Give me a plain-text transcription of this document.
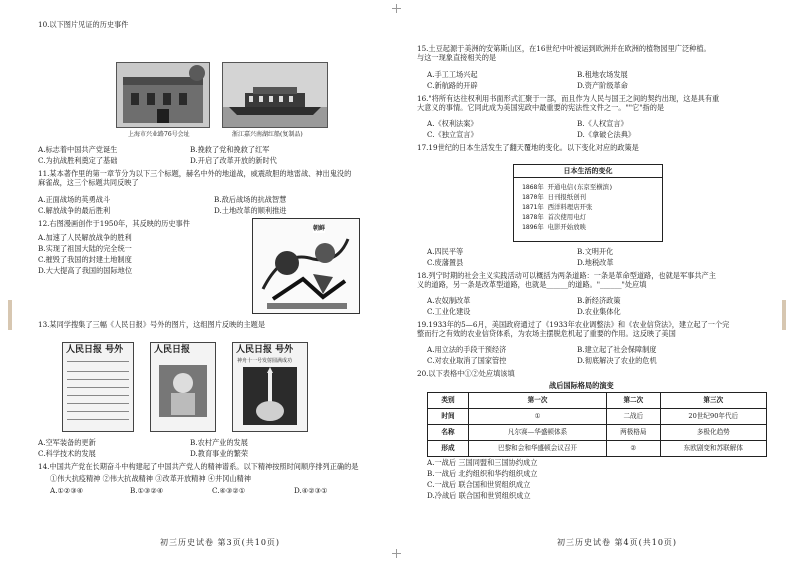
10.以下图片见证的历史事件
上海市兴业路76号会址	浙江嘉兴南湖红船(复制品)
A.标志着中国共产党诞生	B.挽救了党和挽救了红军
C.为抗战胜利奠定了基础	D.开启了改革开放的新时代
11.某本著作里的第一章节分为以下三个标题，赫名中外的地道战，威震敌胆的地雷战、神出鬼没的
麻雀战，这三个标题共同反映了
A.正面战场的英勇战斗	B.敌后战场的抗战智慧
C.解放战争的最后胜利	D.土地改革的顺利推进
12.右图漫画创作于1950年，其反映的历史事件
A.加速了人民解放战争的胜利
B.实现了祖国大陆的完全统一
C.摧毁了我国的封建土地制度
D.大大提高了我国的国际地位
朝鲜
13.某同学搜集了三幅《人民日报》号外的图片，这组图片反映的主题是
人民日报 号外	人民日报	人民日报 号外
神舟十一号发射圆满成功
A.空军装备的更新	B.农村产业的发展
C.科学技术的发展	D.教育事业的繁荣
14.中国共产党在长期奋斗中构建起了中国共产党人的精神谱系。以下精神按照时间顺序排列正确的是
①伟大抗疫精神 ②伟大抗战精神 ③改革开放精神 ④井冈山精神
A.①②③④	B.①③②④	C.④③②①	D.④②③①
初三历史试卷 第3页(共10页)
15.土豆起源于美洲的安第斯山区，在16世纪中叶被运到欧洲并在欧洲的植物园里广泛种植。
与这一现象直接相关的是
A.手工工场兴起	B.租地农场发展
C.新航路的开辟	D.资产阶级革命
16."将所有达往权利用书面形式汇聚于一部，而且作为人民与国王之间的契约出现，这是具有重
大意义的事情。它同此成为美国宪政中最重要的宪法性文件之一。""它"指的是
A.《权利法案》	B.《人权宣言》
C.《独立宣言》	D.《拿破仑法典》
17.19世纪的日本生活发生了翻天覆地的变化。以下变化对应的政策是
日本生活的变化
1868年 开通电信(东京至横滨)
1870年 日刊报纸创刊
1871年 西洋料理店开张
1878年 首次使用电灯
1896年 电影开始放映
A.四民平等	B.文明开化
C.废藩置县	D.地税改革
18.列宁时期的社会主义实践活动可以概括为两条道路：一条是革命型道路，也就是军事共产主
义的道路，另一条是改革型道路，也就是______的道路。"______"处应填
A.农奴制改革	B.新经济政策
C.工业化建设	D.农业集体化
19.1933年的5—6月，美国政府通过了《1933年农业调整法》和《农业信贷法》，建立起了一个完
整而行之有效的农业信贷体系，为农场主摆脱危机起了重要的作用。这反映了美国
A.用立法的手段干预经济	B.建立起了社会保障制度
C.对农业取消了国家管控	D.彻底解决了农业的危机
20.以下表格中①②处应填该填
战后国际格局的演变
类别	第一次	第二次	第三次
时间	①	二战后	20世纪90年代后
名称	凡尔赛—华盛顿体系	两极格局	多极化趋势
形成	巴黎和会和华盛顿会议召开	②	东欧剧变和苏联解体
A.一战后 三国同盟和三国协约成立
B.一战后 北约组织和华约组织成立
C.一战后 联合国和世贸组织成立
D.冷战后 联合国和世贸组织成立
初三历史试卷 第4页(共10页)
